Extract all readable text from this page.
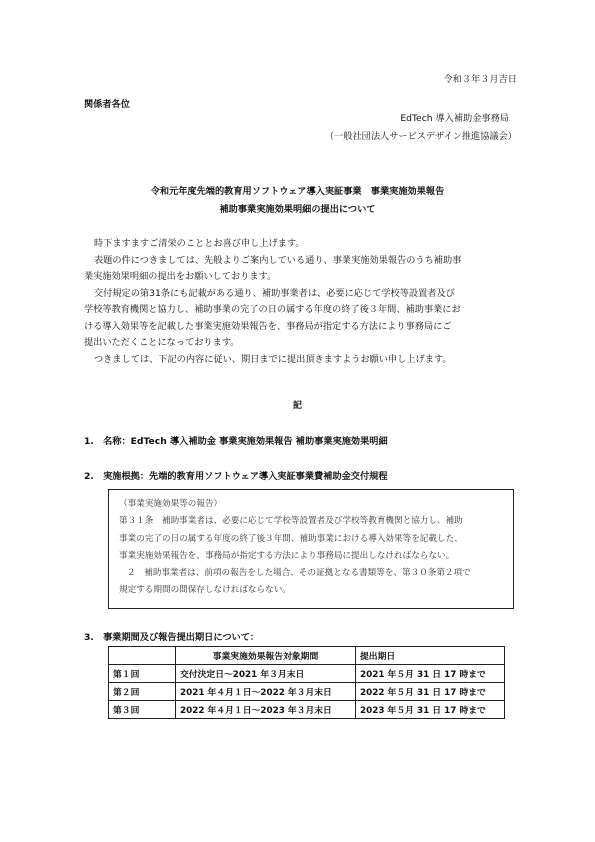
令和３年３月吉日
関係者各位
EdTech 導入補助金事務局
（一般社団法人サービスデザイン推進協議会）
令和元年度先端的教育用ソフトウェア導入実証事業　事業実施効果報告
補助事業実施効果明細の提出について

時下ますますご清栄のこととお喜び申し上げます。

表題の件につきましては、先般よりご案内している通り、事業実施効果報告のうち補助事

業実施効果明細の提出をお願いしております。

交付規定の第31条にも記載がある通り、補助事業者は、必要に応じて学校等設置者及び

学校等教育機関と協力し、補助事業の完了の日の属する年度の終了後３年間、補助事業にお

ける導入効果等を記載した事業実施効果報告を、事務局が指定する方法により事務局にご

提出いただくことになっております。

つきましては、下記の内容に従い、期日までに提出頂きますようお願い申し上げます。

記
1.　名称：EdTech 導入補助金 事業実施効果報告 補助事業実施効果明細
2.　実施根拠：先端的教育用ソフトウェア導入実証事業費補助金交付規程

（事業実施効果等の報告）

第３１条　補助事業者は、必要に応じて学校等設置者及び学校等教育機関と協力し、補助

事業の完了の日の属する年度の終了後３年間、補助事業における導入効果等を記載した、

事業実施効果報告を、事務局が指定する方法により事務局に提出しなければならない。

２　補助事業者は、前項の報告をした場合、その証拠となる書類等を、第３０条第２項で

規定する期間の間保存しなければならない。

3.　事業期間及び報告提出期日について：
	事業実施効果報告対象期間	提出期日
第１回	交付決定日〜2021 年３月末日	2021 年５月 31 日 17 時まで
第２回	2021 年４月１日〜2022 年３月末日	2022 年５月 31 日 17 時まで
第３回	2022 年４月１日〜2023 年３月末日	2023 年５月 31 日 17 時まで
